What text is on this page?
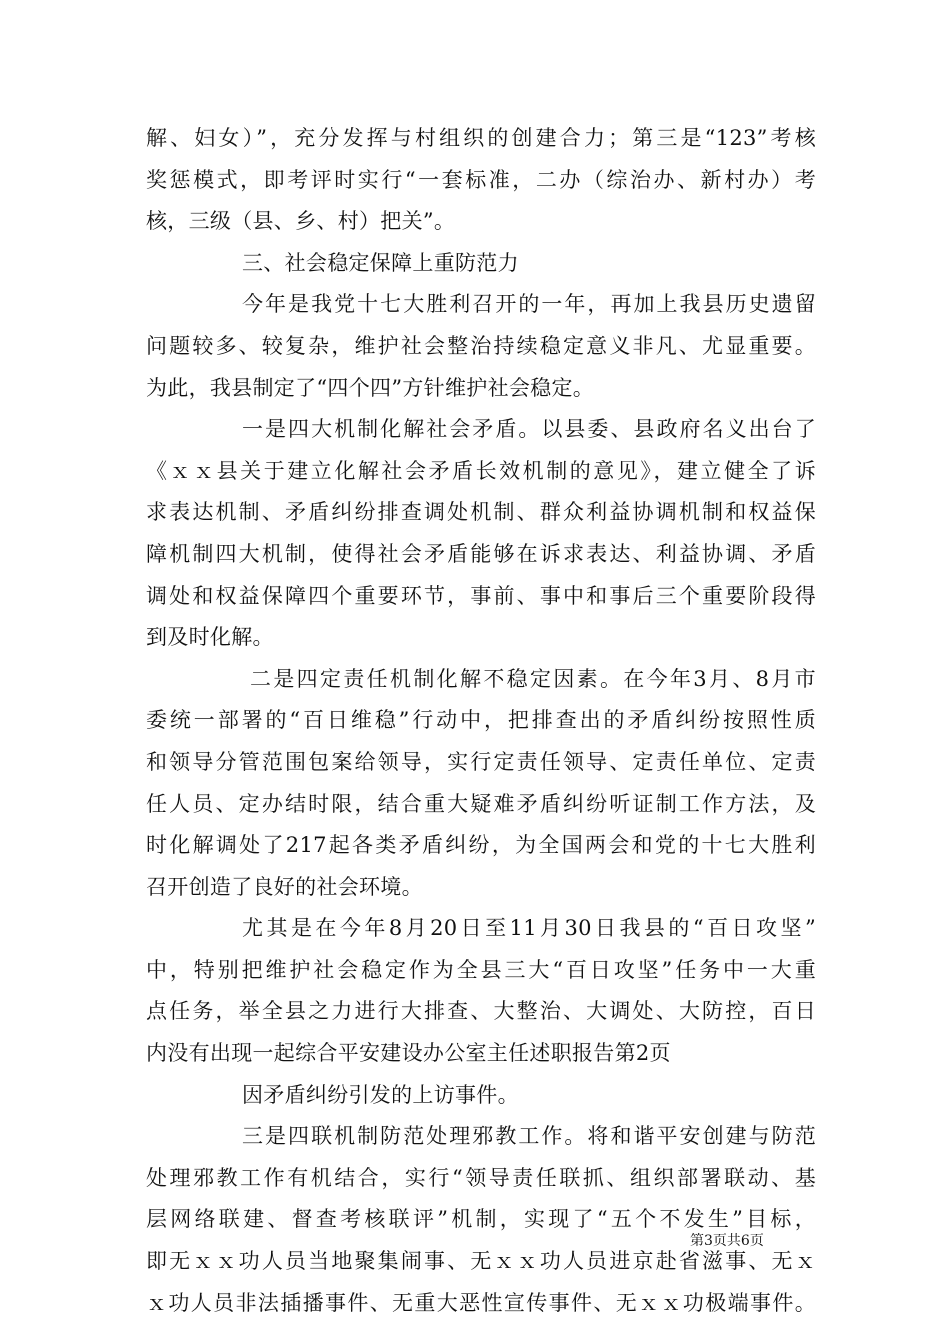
解、妇女）”，充分发挥与村组织的创建合力；第三是“123”考核
奖惩模式，即考评时实行“一套标准，二办（综治办、新村办）考
核，三级（县、乡、村）把关”。
三、社会稳定保障上重防范力
今年是我党十七大胜利召开的一年，再加上我县历史遗留
问题较多、较复杂，维护社会整治持续稳定意义非凡、尤显重要。
为此，我县制定了“四个四”方针维护社会稳定。
一是四大机制化解社会矛盾。以县委、县政府名义出台了
《ｘｘ县关于建立化解社会矛盾长效机制的意见》，建立健全了诉
求表达机制、矛盾纠纷排查调处机制、群众利益协调机制和权益保
障机制四大机制，使得社会矛盾能够在诉求表达、利益协调、矛盾
调处和权益保障四个重要环节，事前、事中和事后三个重要阶段得
到及时化解。
二是四定责任机制化解不稳定因素。在今年3月、8月市
委统一部署的“百日维稳”行动中，把排查出的矛盾纠纷按照性质
和领导分管范围包案给领导，实行定责任领导、定责任单位、定责
任人员、定办结时限，结合重大疑难矛盾纠纷听证制工作方法，及
时化解调处了217起各类矛盾纠纷，为全国两会和党的十七大胜利
召开创造了良好的社会环境。
尤其是在今年8月20日至11月30日我县的“百日攻坚”
中，特别把维护社会稳定作为全县三大“百日攻坚”任务中一大重
点任务，举全县之力进行大排查、大整治、大调处、大防控，百日
内没有出现一起综合平安建设办公室主任述职报告第2页
因矛盾纠纷引发的上访事件。
三是四联机制防范处理邪教工作。将和谐平安创建与防范
处理邪教工作有机结合，实行“领导责任联抓、组织部署联动、基
层网络联建、督查考核联评”机制，实现了“五个不发生”目标，
即无ｘｘ功人员当地聚集闹事、无ｘｘ功人员进京赴省滋事、无ｘ
ｘ功人员非法插播事件、无重大恶性宣传事件、无ｘｘ功极端事件。
第3页共6页
